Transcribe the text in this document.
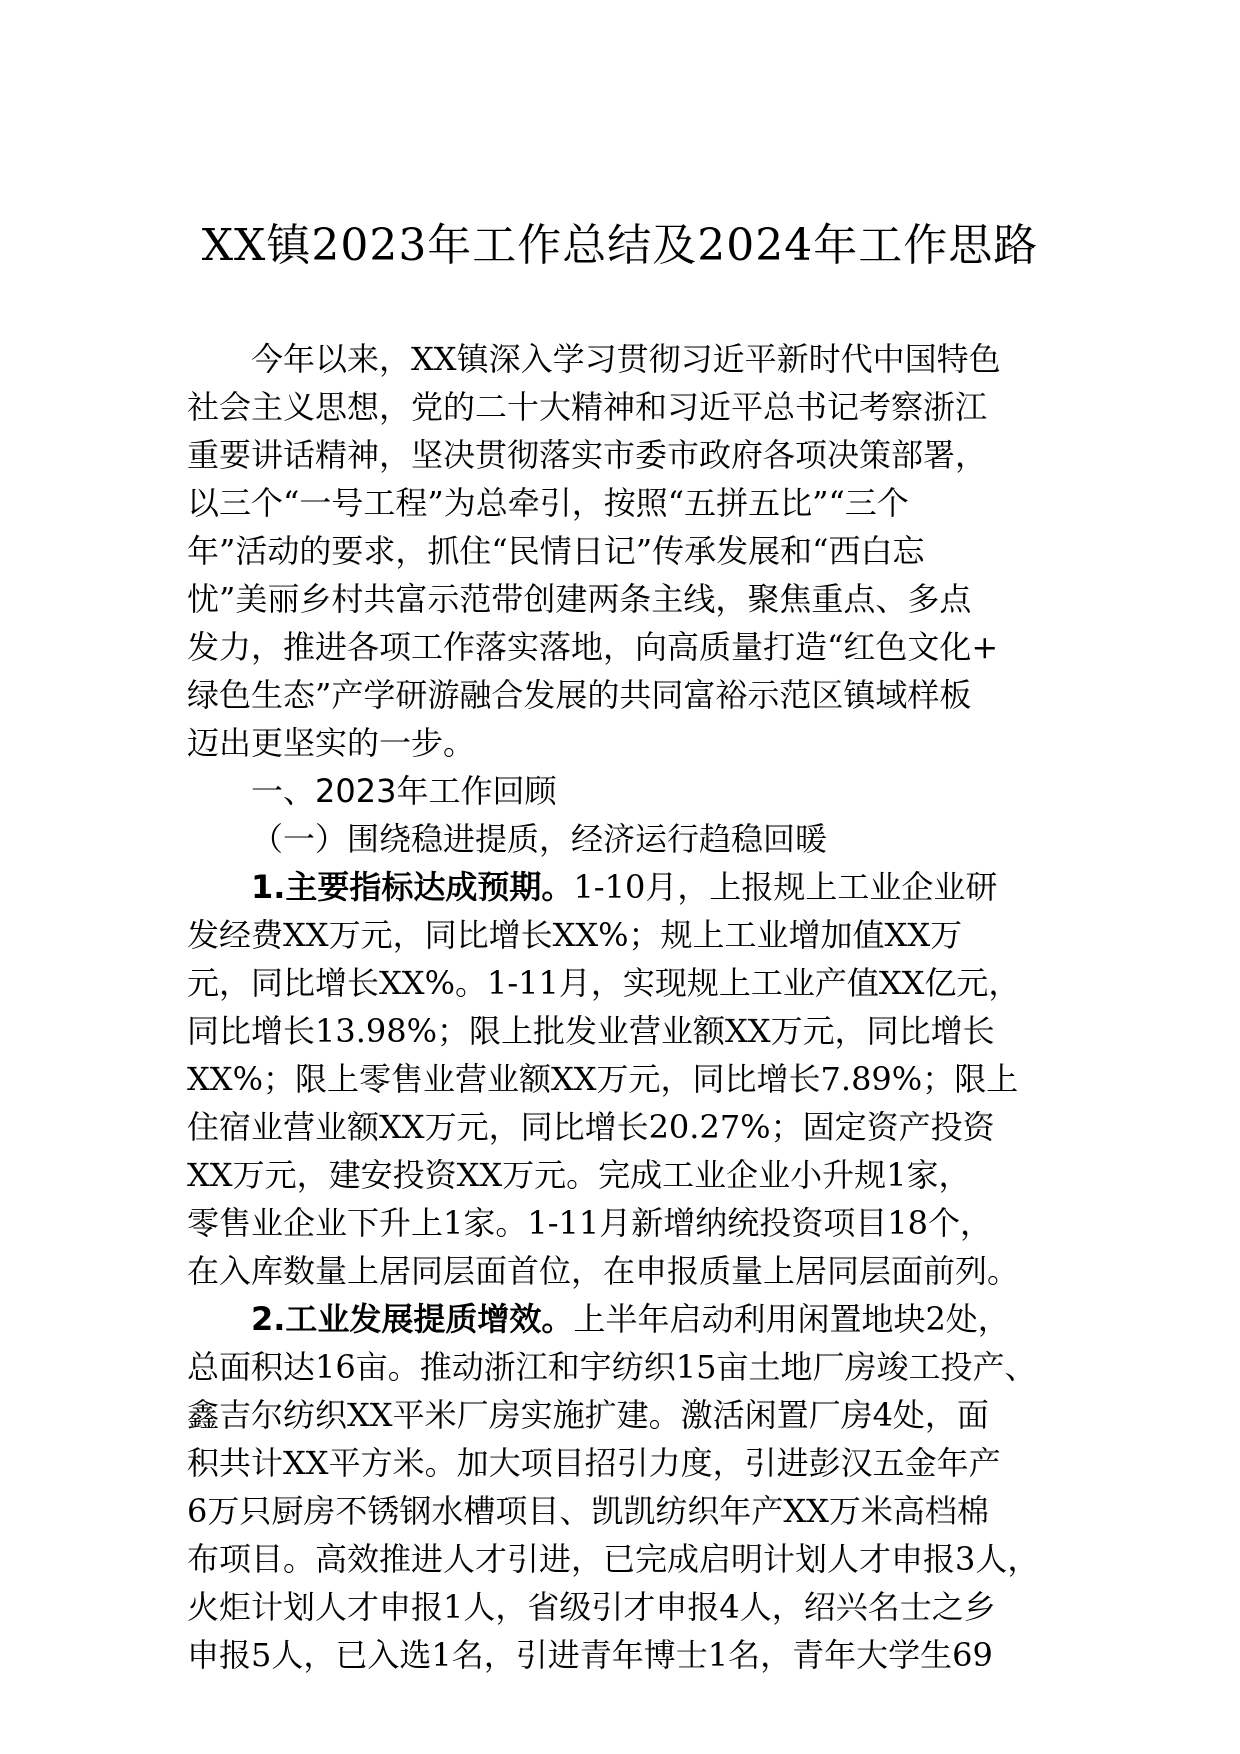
XX镇2023年工作总结及2024年工作思路
今年以来，XX镇深入学习贯彻习近平新时代中国特色
社会主义思想，党的二十大精神和习近平总书记考察浙江
重要讲话精神，坚决贯彻落实市委市政府各项决策部署，
以三个“一号工程”为总牵引，按照“五拼五比”“三个
年”活动的要求，抓住“民情日记”传承发展和“西白忘
忧”美丽乡村共富示范带创建两条主线，聚焦重点、多点
发力，推进各项工作落实落地，向高质量打造“红色文化+
绿色生态”产学研游融合发展的共同富裕示范区镇域样板
迈出更坚实的一步。
一、2023年工作回顾
（一）围绕稳进提质，经济运行趋稳回暖
1.主要指标达成预期。1-10月，上报规上工业企业研
发经费XX万元，同比增长XX%；规上工业增加值XX万
元，同比增长XX%。1-11月，实现规上工业产值XX亿元，
同比增长13.98%；限上批发业营业额XX万元，同比增长
XX%；限上零售业营业额XX万元，同比增长7.89%；限上
住宿业营业额XX万元，同比增长20.27%；固定资产投资
XX万元，建安投资XX万元。完成工业企业小升规1家，
零售业企业下升上1家。1-11月新增纳统投资项目18个，
在入库数量上居同层面首位，在申报质量上居同层面前列。
2.工业发展提质增效。上半年启动利用闲置地块2处，
总面积达16亩。推动浙江和宇纺织15亩土地厂房竣工投产、
鑫吉尔纺织XX平米厂房实施扩建。激活闲置厂房4处，面
积共计XX平方米。加大项目招引力度，引进彭汉五金年产
6万只厨房不锈钢水槽项目、凯凯纺织年产XX万米高档棉
布项目。高效推进人才引进，已完成启明计划人才申报3人，
火炬计划人才申报1人，省级引才申报4人，绍兴名士之乡
申报5人，已入选1名，引进青年博士1名，青年大学生69
